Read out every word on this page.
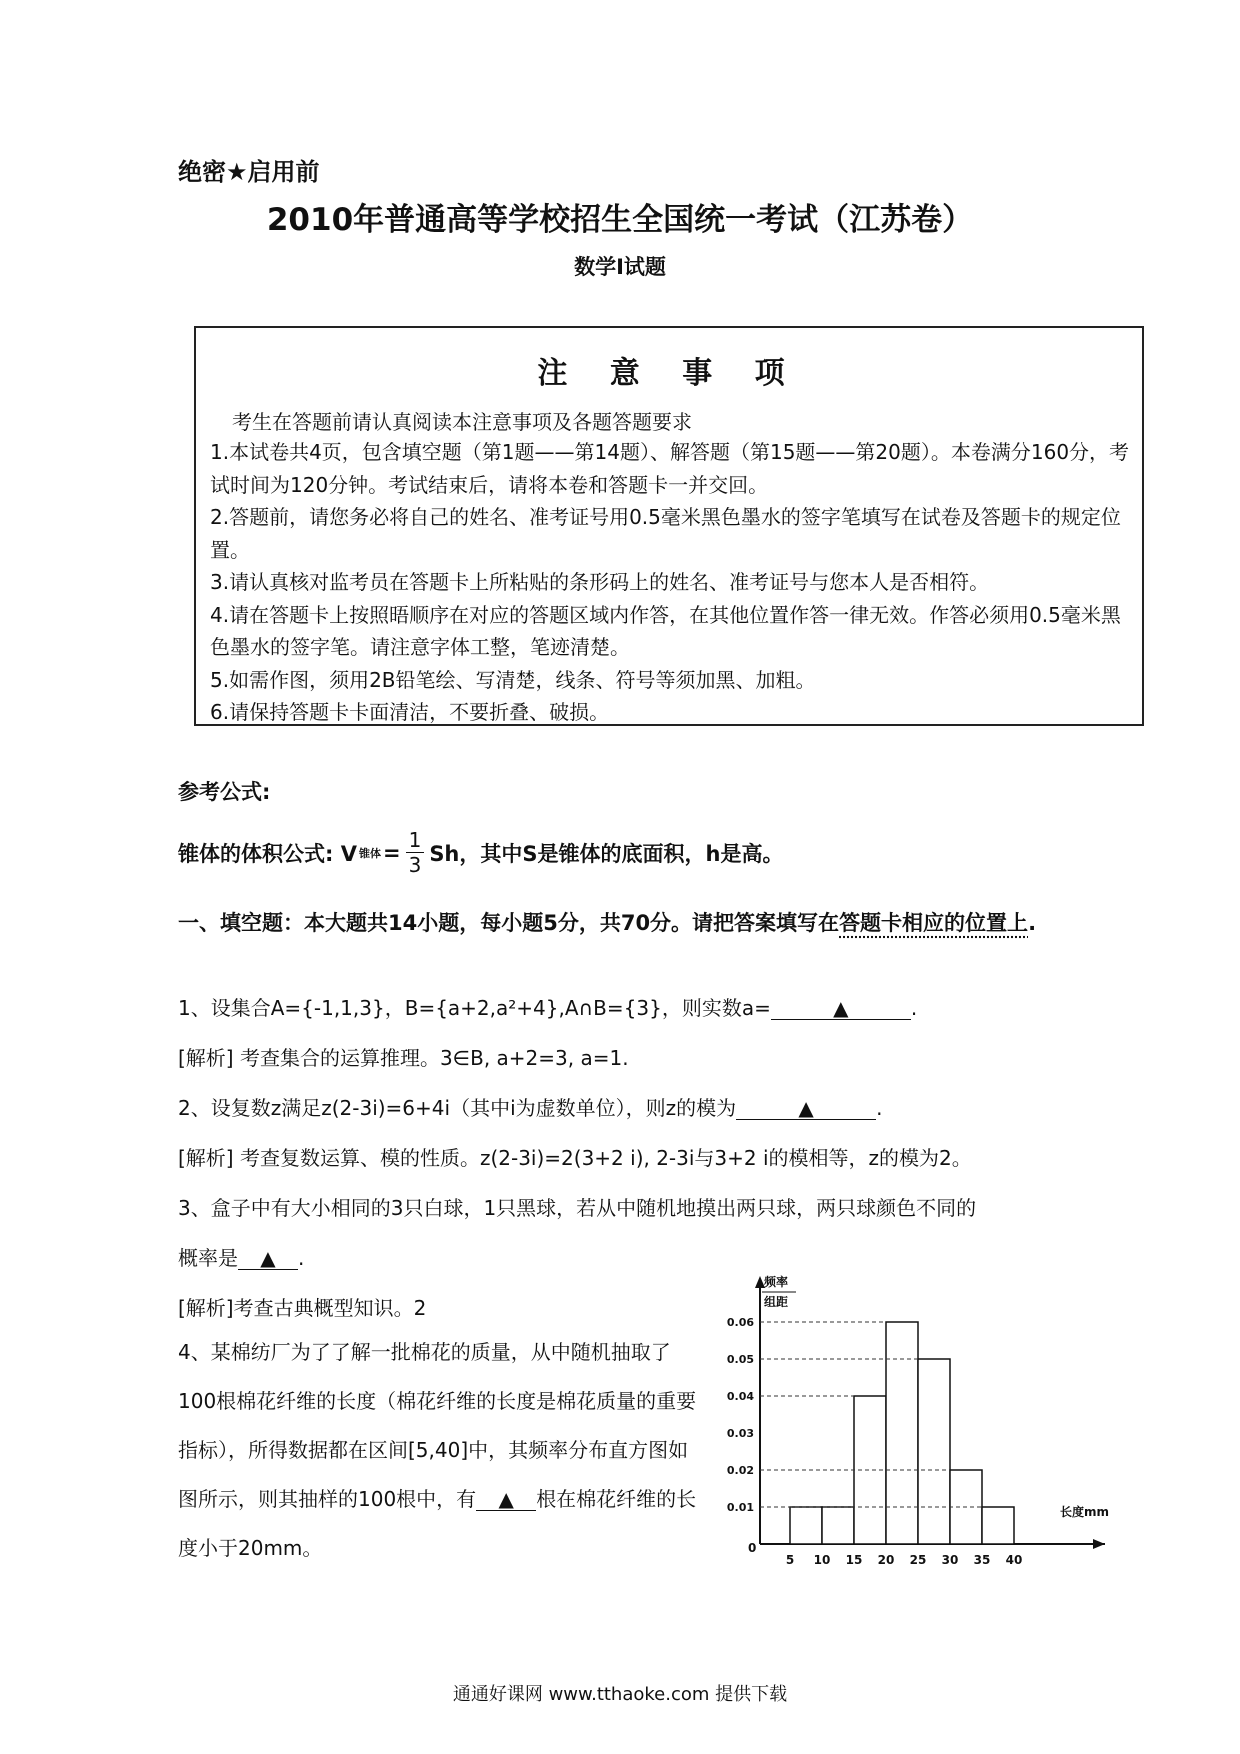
绝密★启用前
2010年普通高等学校招生全国统一考试（江苏卷）
数学Ⅰ试题
注 意 事 项
考生在答题前请认真阅读本注意事项及各题答题要求
1.本试卷共4页，包含填空题（第1题——第14题）、解答题（第15题——第20题）。本卷满分160分，考试时间为120分钟。考试结束后，请将本卷和答题卡一并交回。
2.答题前，请您务必将自己的姓名、准考证号用0.5毫米黑色墨水的签字笔填写在试卷及答题卡的规定位置。
3.请认真核对监考员在答题卡上所粘贴的条形码上的姓名、准考证号与您本人是否相符。
4.请在答题卡上按照晤顺序在对应的答题区域内作答，在其他位置作答一律无效。作答必须用0.5毫米黑色墨水的签字笔。请注意字体工整，笔迹清楚。
5.如需作图，须用2B铅笔绘、写清楚，线条、符号等须加黑、加粗。
6.请保持答题卡卡面清洁，不要折叠、破损。
参考公式:
锥体的体积公式: V 锥体 = $\frac{1}{3}$ Sh，其中S是锥体的底面积，h是高。
一、填空题：本大题共14小题，每小题5分，共70分。请把答案填写在答题卡相应的位置上.
1、设集合A={-1,1,3}，B={a+2,a²+4},A∩B={3}，则实数a=	▲	.
[解析] 考查集合的运算推理。3∈B, a+2=3, a=1.
2、设复数z满足z(2-3i)=6+4i（其中i为虚数单位），则z的模为	▲	.
[解析] 考查复数运算、模的性质。z(2-3i)=2(3+2 i), 2-3i与3+2 i的模相等，z的模为2。
3、盒子中有大小相同的3只白球，1只黑球，若从中随机地摸出两只球，两只球颜色不同的
概率是 ▲ .
[解析]考查古典概型知识。2
4、某棉纺厂为了了解一批棉花的质量，从中随机抽取了100根棉花纤维的长度（棉花纤维的长度是棉花质量的重要指标），所得数据都在区间[5,40]中，其频率分布直方图如图所示，则其抽样的100根中，有 ▲ 根在棉花纤维的长度小于20mm。
0.01
0.02
0.03
0.04
0.05
0.06
5 10 15 20 25 30 35 40
0
频率
组距
长度mm
通通好课网 www.tthaoke.com 提供下载
